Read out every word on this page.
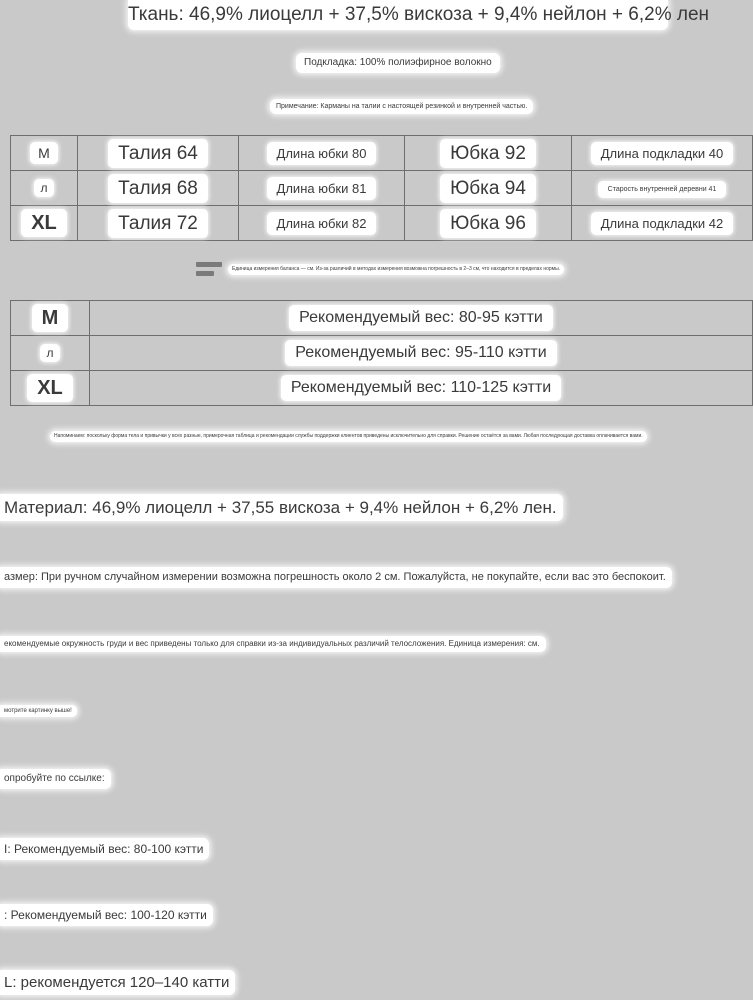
Ткань: 46,9% лиоцелл + 37,5% вискоза + 9,4% нейлон + 6,2% лен
Подкладка: 100% полиэфирное волокно
Примечание: Карманы на талии с настоящей резинкой и внутренней частью.
M	Талия 64	Длина юбки 80	Юбка 92	Длина подкладки 40
л	Талия 68	Длина юбки 81	Юбка 94	Старость внутренней деревни 41
XL	Талия 72	Длина юбки 82	Юбка 96	Длина подкладки 42
Единица измерения баланса — см. Из-за различий в методах измерения возможна погрешность в 2–3 см, что находится в пределах нормы.
M	Рекомендуемый вес: 80-95 кэтти
л	Рекомендуемый вес: 95-110 кэтти
XL	Рекомендуемый вес: 110-125 кэтти
Напоминаем: поскольку форма тела и привычки у всех разные, примерочная таблица и рекомендации службы поддержки клиентов приведены исключительно для справки. Решение остаётся за вами. Любая последующая доставка оплачивается вами.
Материал: 46,9% лиоцелл + 37,55 вискоза + 9,4% нейлон + 6,2% лен.
азмер: При ручном случайном измерении возможна погрешность около 2 см. Пожалуйста, не покупайте, если вас это беспокоит.
екомендуемые окружность груди и вес приведены только для справки из-за индивидуальных различий телосложения. Единица измерения: см.
мотрите картинку выше!
опробуйте по ссылке:
I: Рекомендуемый вес: 80-100 кэтти
: Рекомендуемый вес: 100-120 кэтти
L: рекомендуется 120–140 катти
